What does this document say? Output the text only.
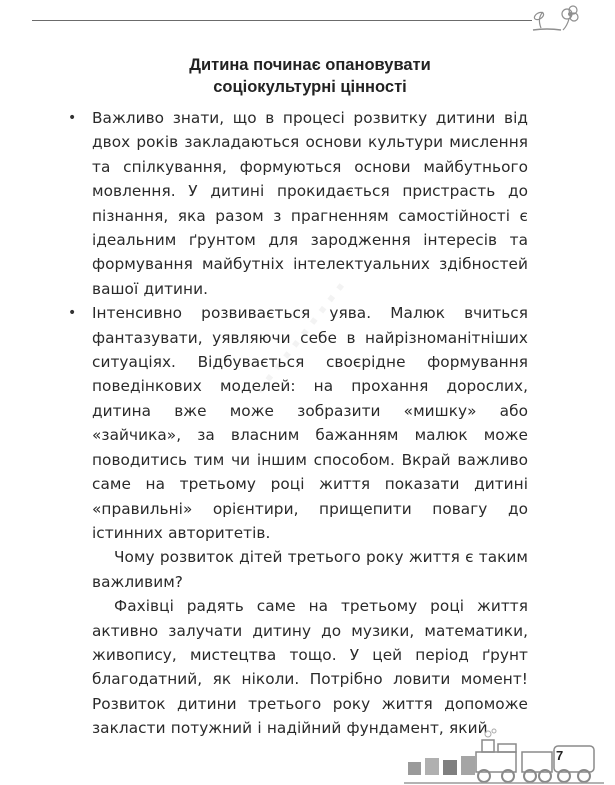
··········
Дитина починає опановувати
соціокультурні цінності
• Важливо знати, що в процесі розвитку дитини від двох років закладаються основи культури мислення та спілкування, формуються основи майбутнього мовлення. У дитині прокидається пристрасть до пізнання, яка разом з прагненням самостійності є ідеальним ґрунтом для зародження інтересів та формування майбутніх інтелектуальних здібностей вашої дитини.

• Інтенсивно розвивається уява. Малюк вчиться фантазувати, уявляючи себе в найрізноманітніших ситуаціях. Відбувається своєрідне формування поведінкових моделей: на прохання дорослих, дитина вже може зобразити «мишку» або «зайчика», за власним бажанням малюк може поводитись тим чи іншим способом. Вкрай важливо саме на третьому році життя показати дитині «правильні» орієнтири, прищепити повагу до істинних авторитетів.

Чому розвиток дітей третього року життя є таким важливим?

Фахівці радять саме на третьому році життя активно залучати дитину до музики, математики, живопису, мистецтва тощо. У цей період ґрунт благодатний, як ніколи. Потрібно ловити момент! Розвиток дитини третього року життя допоможе закласти потужний і надійний фундамент, який

7
